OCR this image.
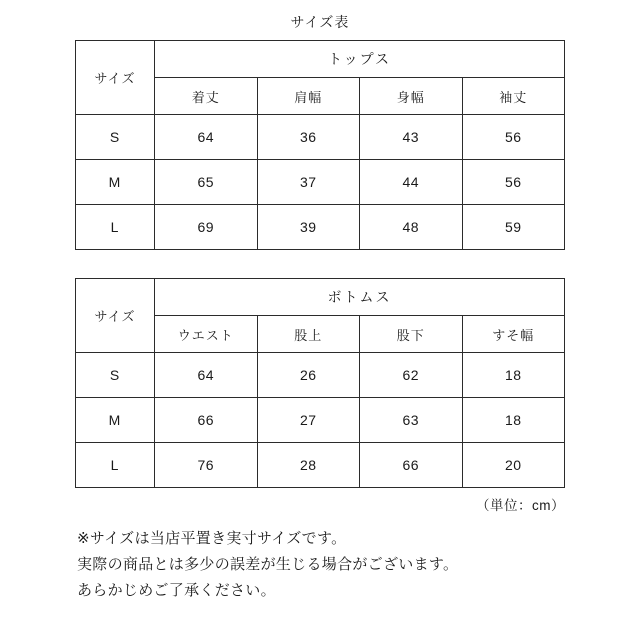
サイズ表
サイズ	トップス			
	着丈	肩幅	身幅	袖丈
S	64	36	43	56
M	65	37	44	56
L	69	39	48	59
サイズ	ボトムス			
	ウエスト	股上	股下	すそ幅
S	64	26	62	18
M	66	27	63	18
L	76	28	66	20
（単位：cm）
※サイズは当店平置き実寸サイズです。
実際の商品とは多少の誤差が生じる場合がございます。
あらかじめご了承ください。
